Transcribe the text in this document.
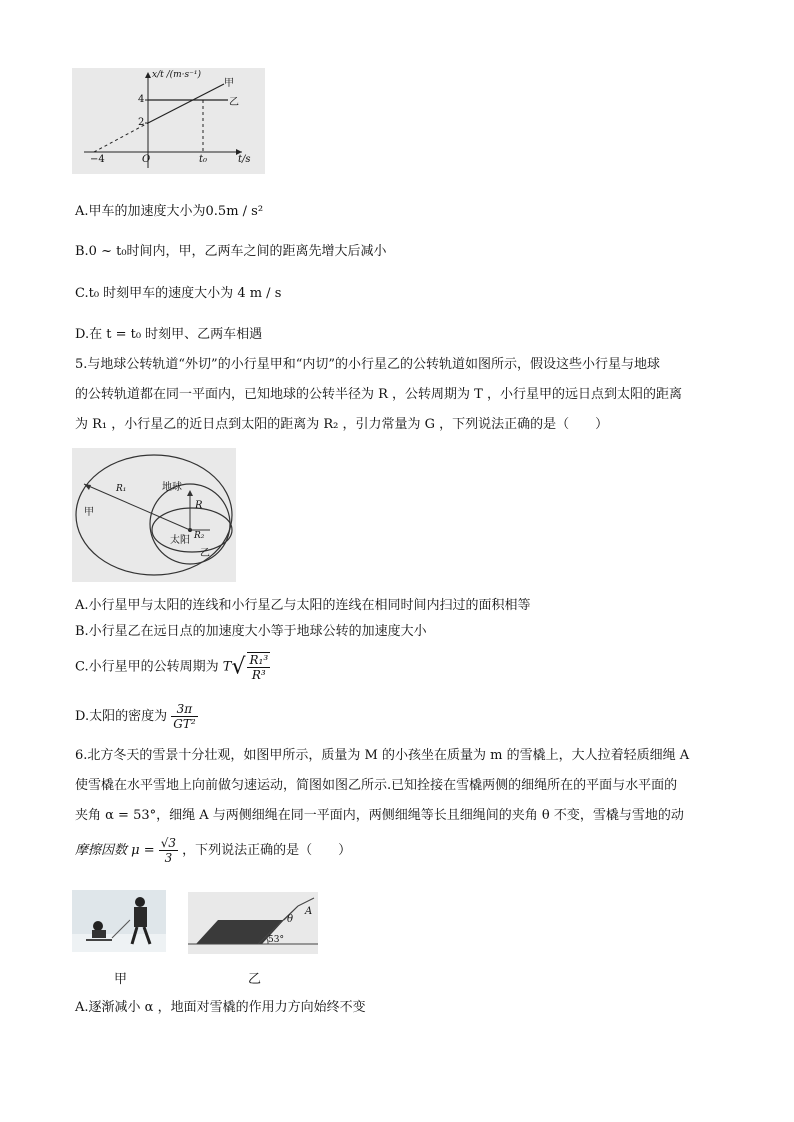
x/t /(m·s⁻¹)
甲
乙
4
2
−4	O	t₀	t/s
A.甲车的加速度大小为0.5m / s²
B.0 ~ t₀时间内，甲，乙两车之间的距离先增大后减小
C.t₀ 时刻甲车的速度大小为 4 m / s
D.在 t = t₀ 时刻甲、乙两车相遇
5.与地球公转轨道“外切”的小行星甲和“内切”的小行星乙的公转轨道如图所示，假设这些小行星与地球
的公转轨道都在同一平面内，已知地球的公转半径为 R ，公转周期为 T ，小行星甲的远日点到太阳的距离
为 R₁ ，小行星乙的近日点到太阳的距离为 R₂ ，引力常量为 G ，下列说法正确的是（　　）
R₁	地球
R
甲
太阳 R₂
乙
A.小行星甲与太阳的连线和小行星乙与太阳的连线在相同时间内扫过的面积相等
B.小行星乙在远日点的加速度大小等于地球公转的加速度大小
C.小行星甲的公转周期为 $T√ \frac{\text{R₁³}}{\text{R³}}$
D.太阳的密度为 $\frac{3\pi}{\text{GT²}}$
6.北方冬天的雪景十分壮观，如图甲所示，质量为 M 的小孩坐在质量为 m 的雪橇上，大人拉着轻质细绳 A
使雪橇在水平雪地上向前做匀速运动，简图如图乙所示.已知拴接在雪橇两侧的细绳所在的平面与水平面的
夹角 α = 53°，细绳 A 与两侧细绳在同一平面内，两侧细绳等长且细绳间的夹角 θ 不变，雪橇与雪地的动
摩擦因数 $\mu = \frac{√3}{3}$ ，下列说法正确的是（　　）
甲
A
θ
53°
乙
A.逐渐减小 α ，地面对雪橇的作用力方向始终不变
